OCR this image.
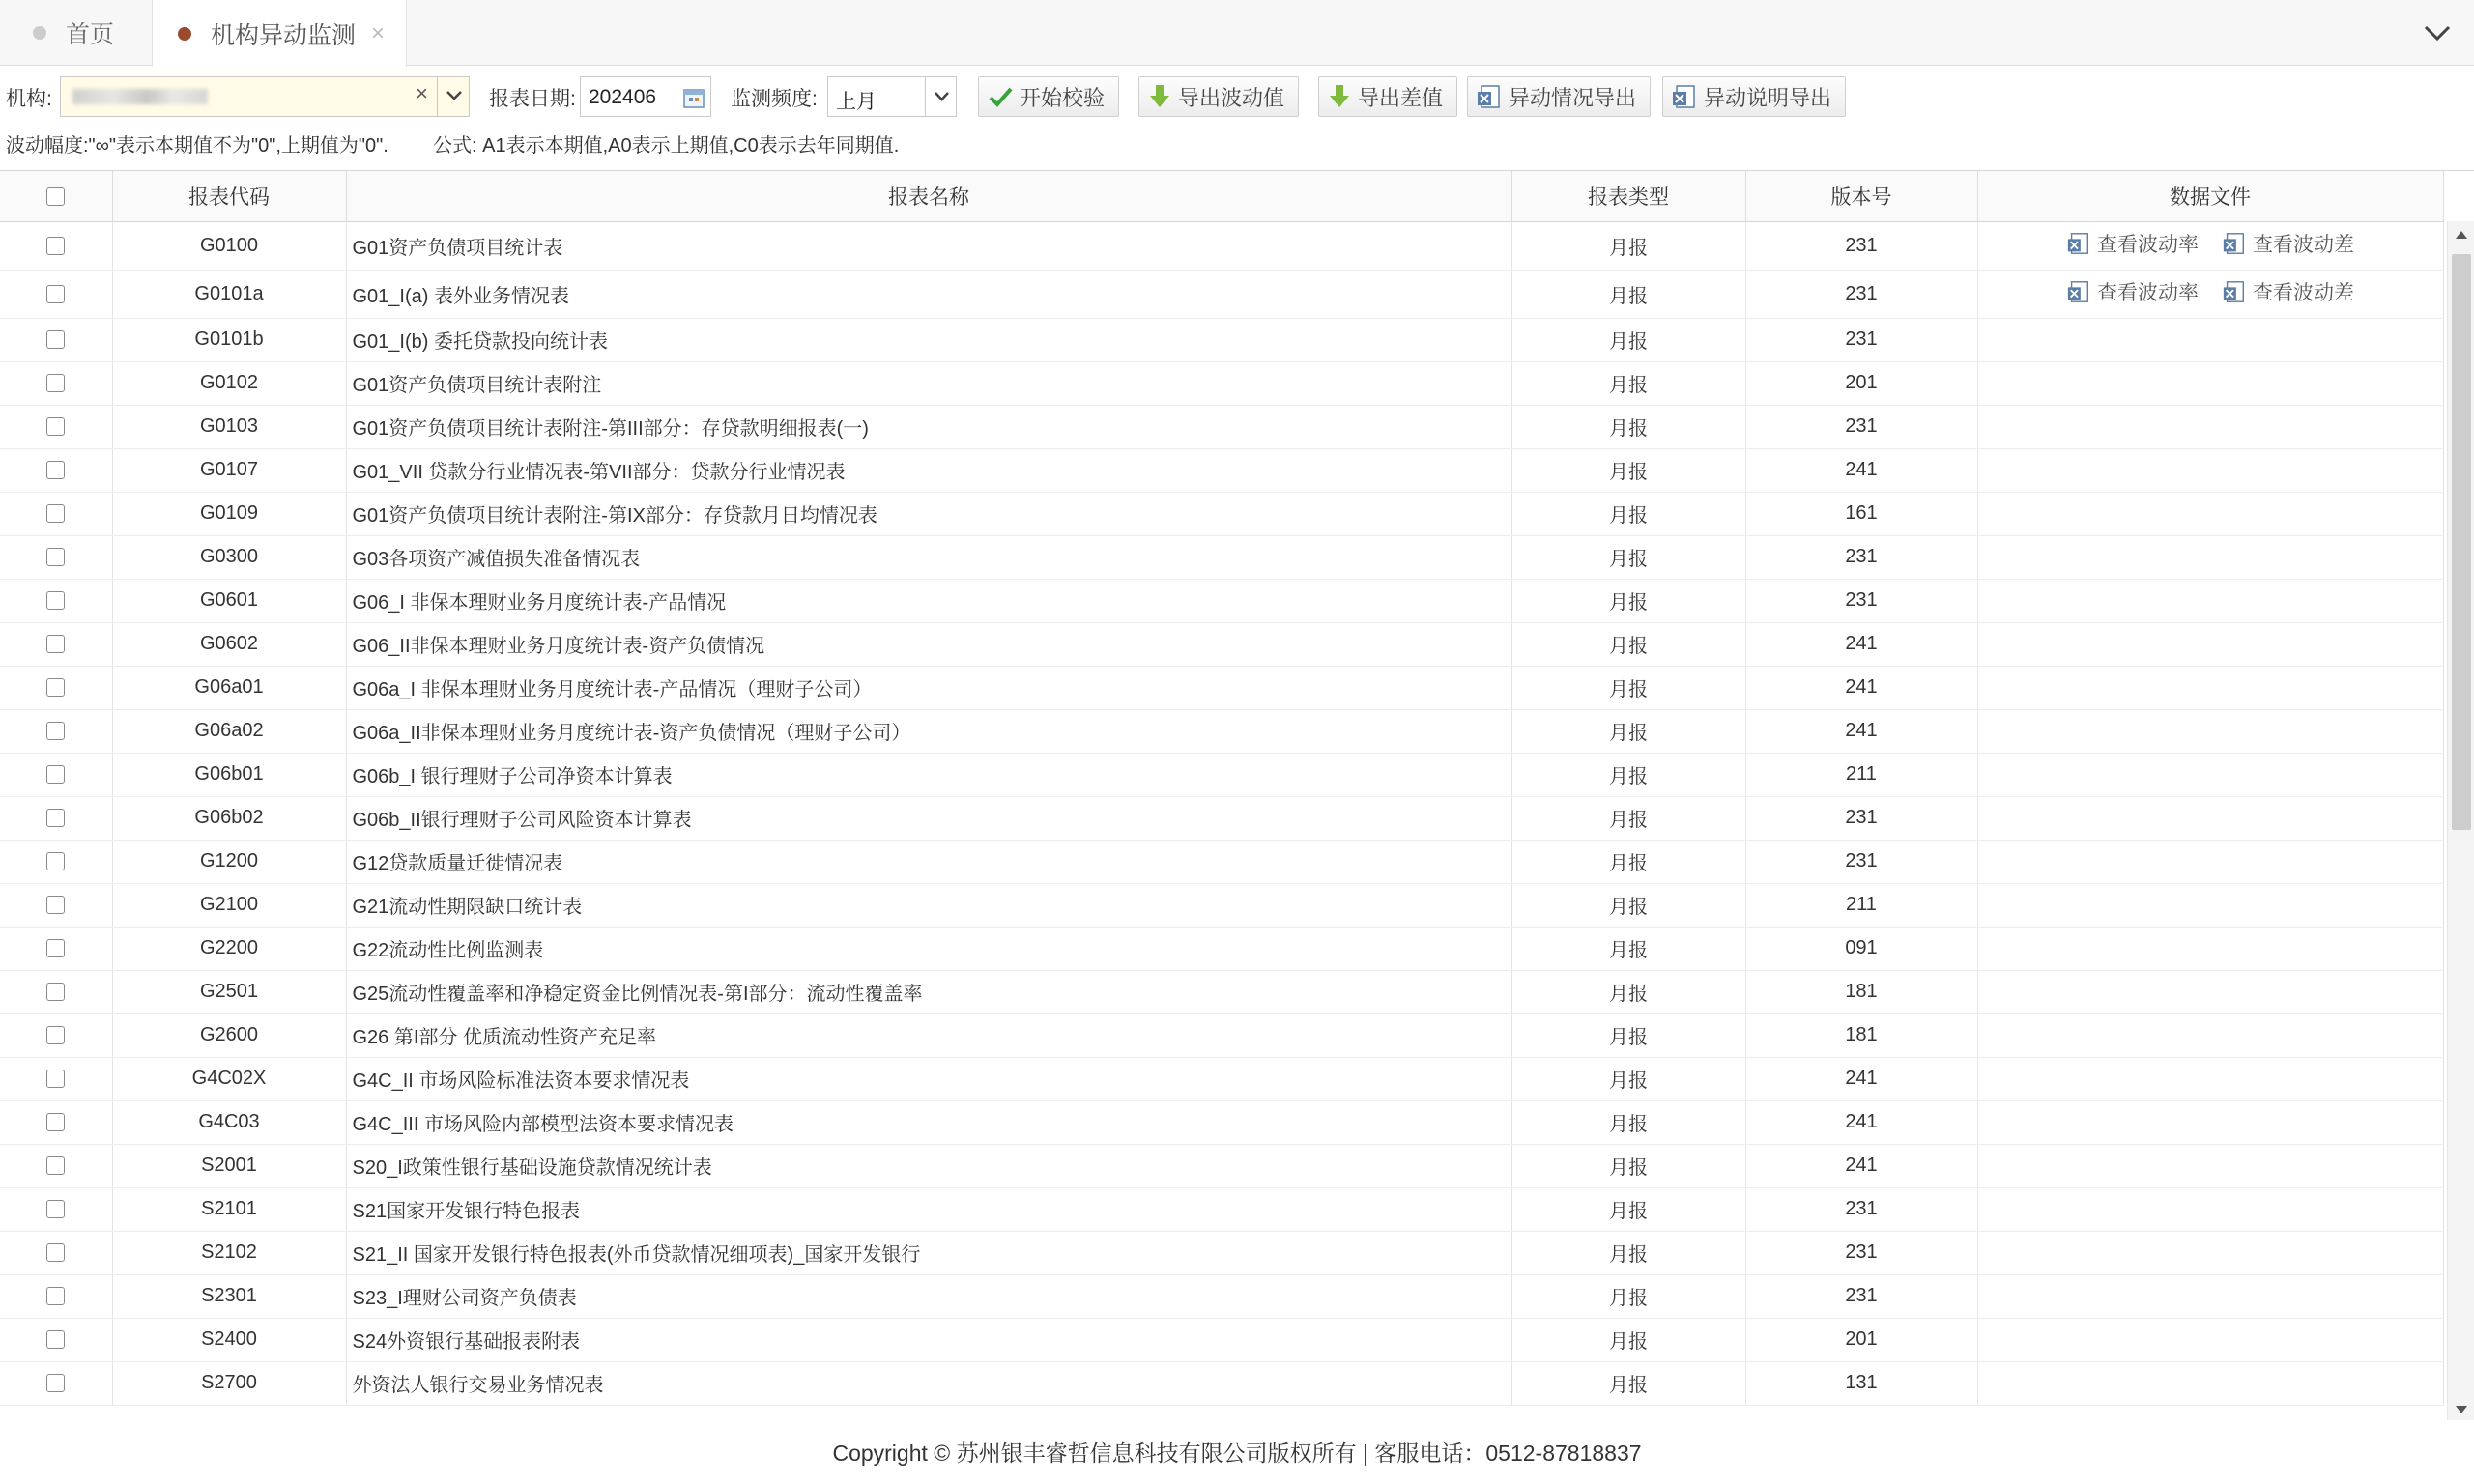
首页	机构异动监测 ×
机构:	×	报表日期: 202406	监测频度: 上月	开始校验	导出波动值	导出差值	异动情况导出	异动说明导出
波动幅度:"∞"表示本期值不为"0",上期值为"0". 公式: A1表示本期值,A0表示上期值,C0表示去年同期值.
	报表代码	报表名称	报表类型	版本号	数据文件
	G0100	G01资产负债项目统计表	月报	231	查看波动率 查看波动差

	G0101a	G01_I(a) 表外业务情况表	月报	231	查看波动率 查看波动差

	G0101b	G01_I(b) 委托贷款投向统计表	月报	231	
	G0102	G01资产负债项目统计表附注	月报	201	
	G0103	G01资产负债项目统计表附注-第III部分：存贷款明细报表(一)	月报	231	
	G0107	G01_VII 贷款分行业情况表-第VII部分：贷款分行业情况表	月报	241	
	G0109	G01资产负债项目统计表附注-第IX部分：存贷款月日均情况表	月报	161	
	G0300	G03各项资产减值损失准备情况表	月报	231	
	G0601	G06_I 非保本理财业务月度统计表-产品情况	月报	231	
	G0602	G06_II非保本理财业务月度统计表-资产负债情况	月报	241	
	G06a01	G06a_I 非保本理财业务月度统计表-产品情况（理财子公司）	月报	241	
	G06a02	G06a_II非保本理财业务月度统计表-资产负债情况（理财子公司）	月报	241	
	G06b01	G06b_I 银行理财子公司净资本计算表	月报	211	
	G06b02	G06b_II银行理财子公司风险资本计算表	月报	231	
	G1200	G12贷款质量迁徙情况表	月报	231	
	G2100	G21流动性期限缺口统计表	月报	211	
	G2200	G22流动性比例监测表	月报	091	
	G2501	G25流动性覆盖率和净稳定资金比例情况表-第I部分：流动性覆盖率	月报	181	
	G2600	G26 第I部分 优质流动性资产充足率	月报	181	
	G4C02X	G4C_II 市场风险标准法资本要求情况表	月报	241	
	G4C03	G4C_III 市场风险内部模型法资本要求情况表	月报	241	
	S2001	S20_I政策性银行基础设施贷款情况统计表	月报	241	
	S2101	S21国家开发银行特色报表	月报	231	
	S2102	S21_II 国家开发银行特色报表(外币贷款情况细项表)_国家开发银行	月报	231	
	S2301	S23_I理财公司资产负债表	月报	231	
	S2400	S24外资银行基础报表附表	月报	201	
	S2700	外资法人银行交易业务情况表	月报	131	
Copyright © 苏州银丰睿哲信息科技有限公司版权所有 | 客服电话：0512-87818837
